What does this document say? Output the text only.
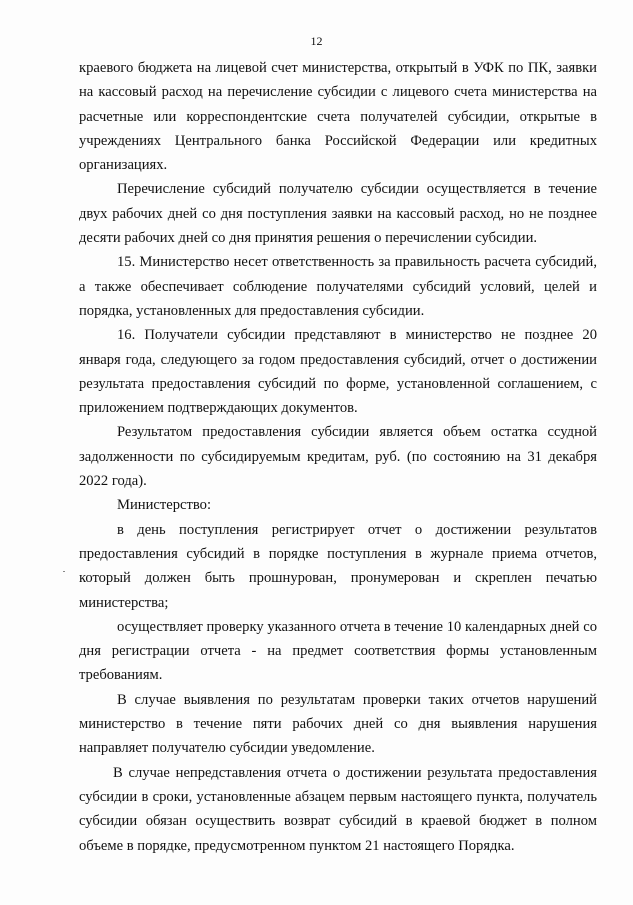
12

краевого бюджета на лицевой счет министерства, открытый в УФК по ПК, заявки на кассовый расход на перечисление субсидии с лицевого счета министерства на расчетные или корреспондентские счета получателей субсидии, открытые в учреждениях Центрального банка Российской Федерации или кредитных организациях.

Перечисление субсидий получателю субсидии осуществляется в течение двух рабочих дней со дня поступления заявки на кассовый расход, но не позднее десяти рабочих дней со дня принятия решения о перечислении субсидии.

15. Министерство несет ответственность за правильность расчета субсидий, а также обеспечивает соблюдение получателями субсидий условий, целей и порядка, установленных для предоставления субсидии.

16. Получатели субсидии представляют в министерство не позднее 20 января года, следующего за годом предоставления субсидий, отчет о достижении результата предоставления субсидий по форме, установленной соглашением, с приложением подтверждающих документов.

Результатом предоставления субсидии является объем остатка ссудной задолженности по субсидируемым кредитам, руб. (по состоянию на 31 декабря 2022 года).

Министерство:

в день поступления регистрирует отчет о достижении результатов предоставления субсидий в порядке поступления в журнале приема отчетов, который должен быть прошнурован, пронумерован и скреплен печатью министерства;

осуществляет проверку указанного отчета в течение 10 календарных дней со дня регистрации отчета - на предмет соответствия формы установленным требованиям.

В случае выявления по результатам проверки таких отчетов нарушений министерство в течение пяти рабочих дней со дня выявления нарушения направляет получателю субсидии уведомление.

В случае непредставления отчета о достижении результата предоставления субсидии в сроки, установленные абзацем первым настоящего пункта, получатель субсидии обязан осуществить возврат субсидий в краевой бюджет в полном объеме в порядке, предусмотренном пунктом 21 настоящего Порядка.
